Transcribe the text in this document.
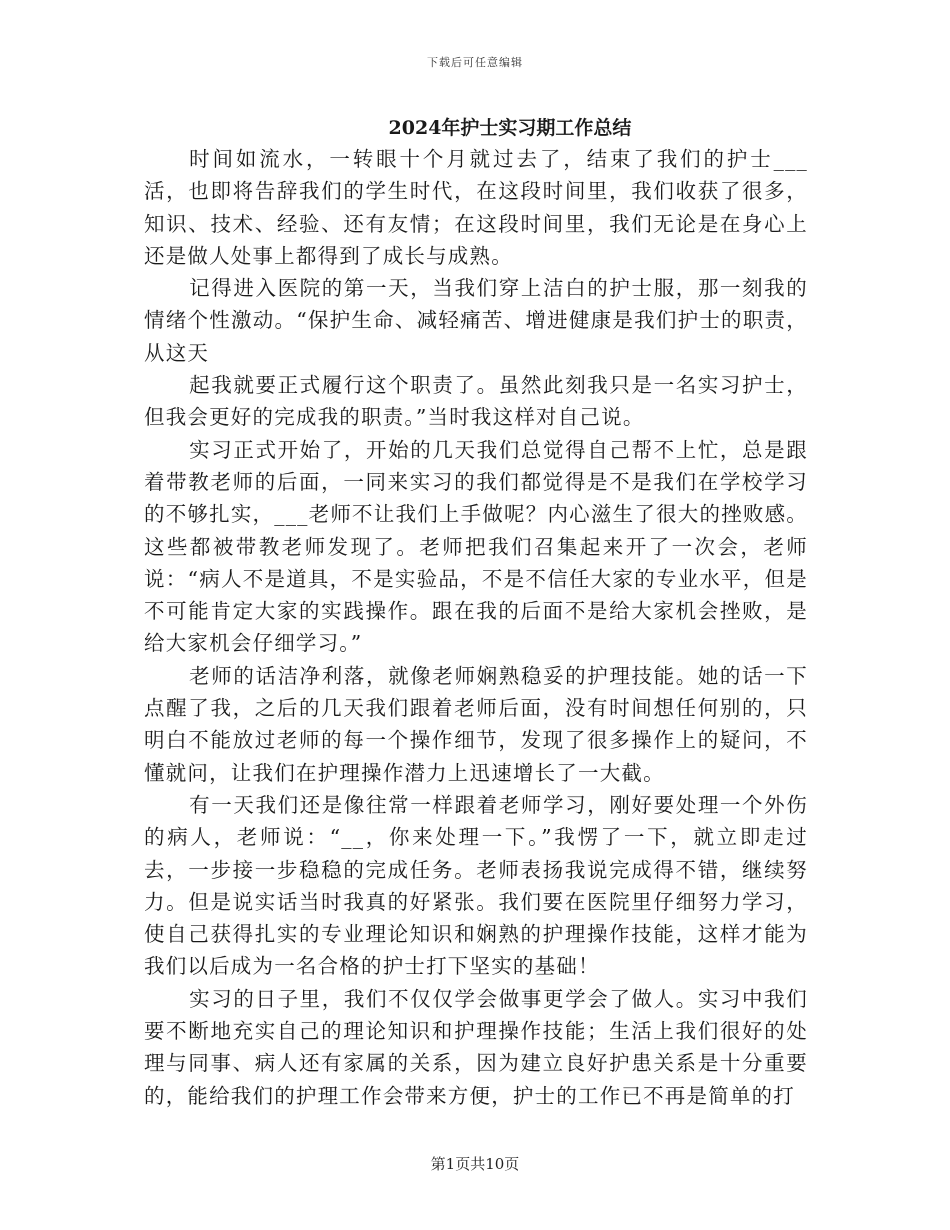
下载后可任意编辑
2024年护士实习期工作总结

时间如流水，一转眼十个月就过去了，结束了我们的护士___活，也即将告辞我们的学生时代，在这段时间里，我们收获了很多，知识、技术、经验、还有友情；在这段时间里，我们无论是在身心上还是做人处事上都得到了成长与成熟。

记得进入医院的第一天，当我们穿上洁白的护士服，那一刻我的情绪个性激动。“保护生命、减轻痛苦、增进健康是我们护士的职责，从这天

起我就要正式履行这个职责了。虽然此刻我只是一名实习护士，但我会更好的完成我的职责。”当时我这样对自己说。

实习正式开始了，开始的几天我们总觉得自己帮不上忙，总是跟着带教老师的后面，一同来实习的我们都觉得是不是我们在学校学习的不够扎实，___老师不让我们上手做呢？内心滋生了很大的挫败感。这些都被带教老师发现了。老师把我们召集起来开了一次会，老师说：“病人不是道具，不是实验品，不是不信任大家的专业水平，但是不可能肯定大家的实践操作。跟在我的后面不是给大家机会挫败，是给大家机会仔细学习。”

老师的话洁净利落，就像老师娴熟稳妥的护理技能。她的话一下点醒了我，之后的几天我们跟着老师后面，没有时间想任何别的，只明白不能放过老师的每一个操作细节，发现了很多操作上的疑问，不懂就问，让我们在护理操作潜力上迅速增长了一大截。

有一天我们还是像往常一样跟着老师学习，刚好要处理一个外伤的病人，老师说：“__，你来处理一下。”我愣了一下，就立即走过去，一步接一步稳稳的完成任务。老师表扬我说完成得不错，继续努力。但是说实话当时我真的好紧张。我们要在医院里仔细努力学习，使自己获得扎实的专业理论知识和娴熟的护理操作技能，这样才能为我们以后成为一名合格的护士打下坚实的基础！

实习的日子里，我们不仅仅学会做事更学会了做人。实习中我们要不断地充实自己的理论知识和护理操作技能；生活上我们很好的处理与同事、病人还有家属的关系，因为建立良好护患关系是十分重要的，能给我们的护理工作会带来方便，护士的工作已不再是简单的打

第1页共10页
